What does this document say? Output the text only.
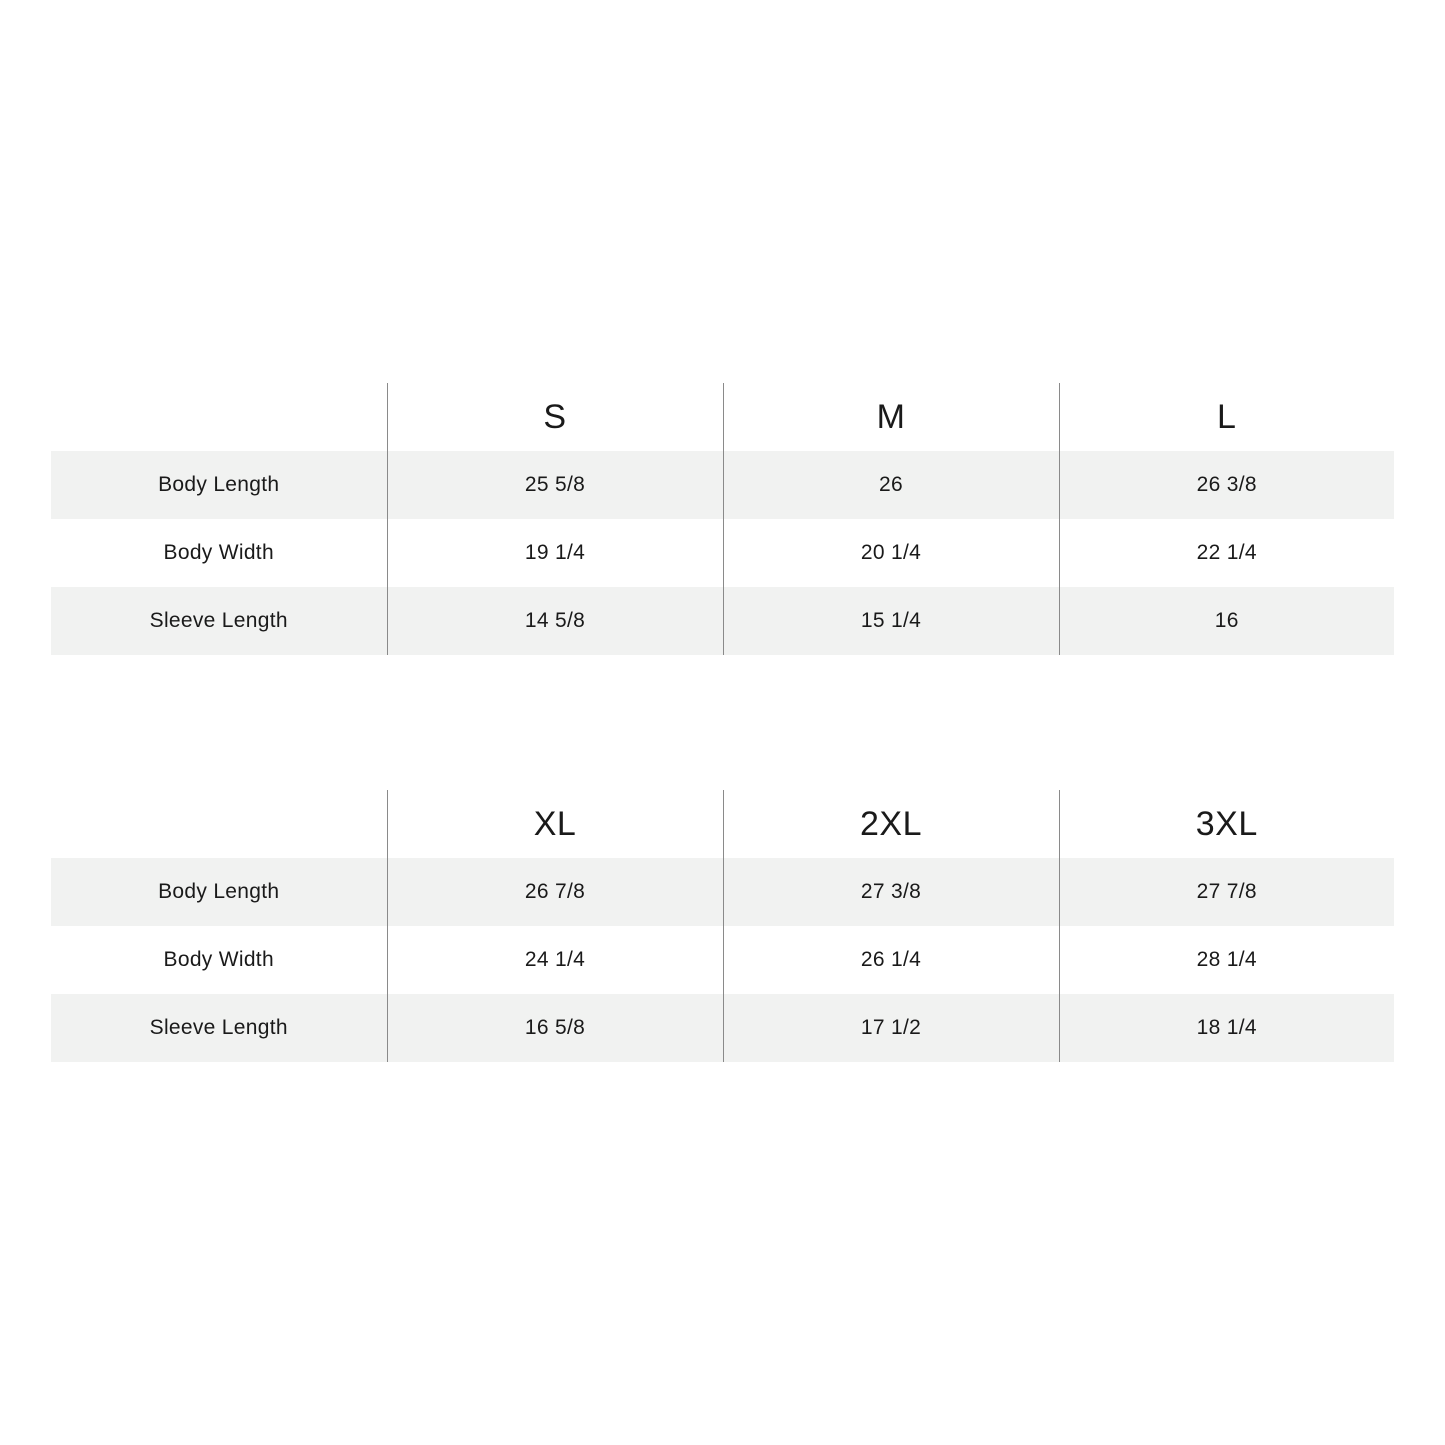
	S	M	L
Body Length	25 5/8	26	26 3/8
Body Width	19 1/4	20 1/4	22 1/4
Sleeve Length	14 5/8	15 1/4	16
	XL	2XL	3XL
Body Length	26 7/8	27 3/8	27 7/8
Body Width	24 1/4	26 1/4	28 1/4
Sleeve Length	16 5/8	17 1/2	18 1/4
